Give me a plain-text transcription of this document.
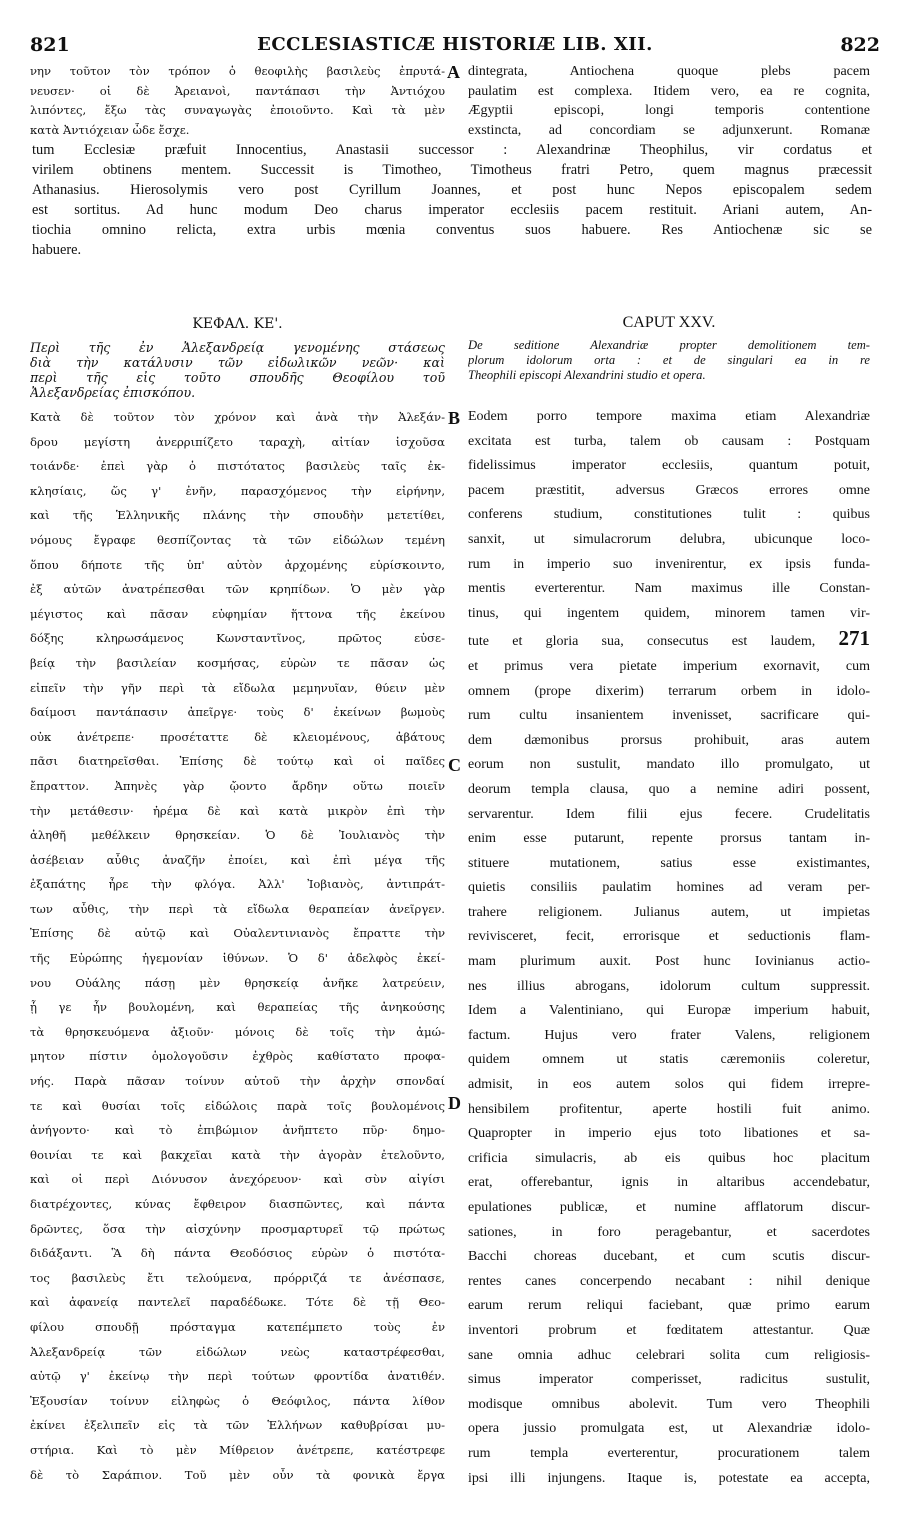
821	ECCLESIASTICÆ HISTORIÆ LIB. XII.	822
νην τοῦτον τὸν τρόπον ὁ θεοφιλὴς βασιλεὺς ἐπρυτά-
νευσεν· οἱ δὲ Ἀρειανοὶ, παντάπασι τὴν Ἀντιόχου
λιπόντες, ἔξω τὰς συναγωγὰς ἐποιοῦντο. Καὶ τὰ μὲν
κατὰ Ἀντιόχειαν ὧδε ἔσχε.
A dintegrata, Antiochena quoque plebs pacem
paulatim est complexa. Itidem vero, ea re cognita,
Ægyptii episcopi, longi temporis contentione
exstincta, ad concordiam se adjunxerunt. Romanæ
tum Ecclesiæ præfuit Innocentius, Anastasii successor : Alexandrinæ Theophilus, vir cordatus et
virilem obtinens mentem. Successit is Timotheo, Timotheus fratri Petro, quem magnus præcessit
Athanasius. Hierosolymis vero post Cyrillum Joannes, et post hunc Nepos episcopalem sedem
est sortitus. Ad hunc modum Deo charus imperator ecclesiis pacem restituit. Ariani autem, An-
tiochia omnino relicta, extra urbis mœnia conventus suos habuere. Res Antiochenæ sic se
habuere.
ΚΕΦΑΛ. ΚΕ'.	CAPUT XXV.
Περὶ τῆς ἐν Ἀλεξανδρείᾳ γενομένης στάσεως
διὰ τὴν κατάλυσιν τῶν εἰδωλικῶν νεῶν· καὶ
περὶ τῆς εἰς τοῦτο σπουδῆς Θεοφίλου τοῦ
Ἀλεξανδρείας ἐπισκόπου.
De seditione Alexandriæ propter demolitionem tem-
plorum idolorum orta : et de singulari ea in re
Theophili episcopi Alexandrini studio et opera.
Κατὰ δὲ τοῦτον τὸν χρόνον καὶ ἀνὰ τὴν Ἀλεξάν-
δρου μεγίστη ἀνερριπίζετο ταραχὴ, αἰτίαν ἰσχοῦσα
τοιάνδε· ἐπεὶ γὰρ ὁ πιστότατος βασιλεὺς ταῖς ἐκ-
κλησίαις, ὥς γ' ἐνῆν, παρασχόμενος τὴν εἰρήνην,
καὶ τῆς Ἑλληνικῆς πλάνης τὴν σπουδὴν μετετίθει,
νόμους ἔγραφε θεσπίζοντας τὰ τῶν εἰδώλων τεμένη
ὅπου δήποτε τῆς ὑπ' αὐτὸν ἀρχομένης εὑρίσκοιντο,
ἐξ αὐτῶν ἀνατρέπεσθαι τῶν κρηπίδων. Ὁ μὲν γὰρ
μέγιστος καὶ πᾶσαν εὐφημίαν ἥττονα τῆς ἐκείνου
δόξης κληρωσάμενος Κωνσταντῖνος, πρῶτος εὐσε-
βείᾳ τὴν βασιλείαν κοσμήσας, εὑρὼν τε πᾶσαν ὡς
εἰπεῖν τὴν γῆν περὶ τὰ εἴδωλα μεμηνυῖαν, θύειν μὲν
δαίμοσι παντάπασιν ἀπεῖργε· τοὺς δ' ἐκείνων βωμοὺς
οὐκ ἀνέτρεπε· προσέταττε δὲ κλειομένους, ἀβάτους
πᾶσι διατηρεῖσθαι. Ἐπίσης δὲ τούτῳ καὶ οἱ παῖδες
ἔπραττον. Ἀπηνὲς γὰρ ᾤοντο ἄρδην οὕτω ποιεῖν
τὴν μετάθεσιν· ἠρέμα δὲ καὶ κατὰ μικρὸν ἐπὶ τὴν
ἀληθῆ μεθέλκειν θρησκείαν. Ὁ δὲ Ἰουλιανὸς τὴν
ἀσέβειαν αὖθις ἀναζῆν ἐποίει, καὶ ἐπὶ μέγα τῆς
ἐξαπάτης ἦρε τὴν φλόγα. Ἀλλ' Ἰοβιανὸς, ἀντιπράτ-
των αὖθις, τὴν περὶ τὰ εἴδωλα θεραπείαν ἀνεῖργεν.
Ἐπίσης δὲ αὐτῷ καὶ Οὐαλεντινιανὸς ἔπραττε τὴν
τῆς Εὐρώπης ἡγεμονίαν ἰθύνων. Ὁ δ' ἀδελφὸς ἐκεί-
νου Οὐάλης πάσῃ μὲν θρησκείᾳ ἀνῆκε λατρεύειν,
ᾗ γε ἦν βουλομένη, καὶ θεραπείας τῆς ἀνηκούσης
τὰ θρησκευόμενα ἀξιοῦν· μόνοις δὲ τοῖς τὴν ἀμώ-
μητον πίστιν ὁμολογοῦσιν ἐχθρὸς καθίστατο προφα-
νής. Παρὰ πᾶσαν τοίνυν αὐτοῦ τὴν ἀρχὴν σπονδαί
τε καὶ θυσίαι τοῖς εἰδώλοις παρὰ τοῖς βουλομένοις
ἀνήγοντο· καὶ τὸ ἐπιβώμιον ἀνῆπτετο πῦρ· δημο-
θοινίαι τε καὶ βακχεῖαι κατὰ τὴν ἀγορὰν ἐτελοῦντο,
καὶ οἱ περὶ Διόνυσον ἀνεχόρευον· καὶ σὺν αἰγίσι
διατρέχοντες, κύνας ἔφθειρον διασπῶντες, καὶ πάντα
δρῶντες, ὅσα τὴν αἰσχύνην προσμαρτυρεῖ τῷ πρώτως
διδάξαντι. Ἃ δὴ πάντα Θεοδόσιος εὑρὼν ὁ πιστότα-
τος βασιλεὺς ἔτι τελούμενα, πρόρριζά τε ἀνέσπασε,
καὶ ἀφανείᾳ παντελεῖ παραδέδωκε. Τότε δὲ τῇ Θεο-
φίλου σπουδῇ πρόσταγμα κατεπέμπετο τοὺς ἐν
Ἀλεξανδρείᾳ τῶν εἰδώλων νεὼς καταστρέφεσθαι,
αὐτῷ γ' ἐκείνῳ τὴν περὶ τούτων φροντίδα ἀνατιθέν.
Ἐξουσίαν τοίνυν εἰληφὼς ὁ Θεόφιλος, πάντα λίθον
ἐκίνει ἐξελιπεῖν εἰς τὰ τῶν Ἑλλήνων καθυβρίσαι μυ-
στήρια. Καὶ τὸ μὲν Μίθρειον ἀνέτρεπε, κατέστρεφε
δὲ τὸ Σαράπιον. Τοῦ μὲν οὖν τὰ φονικὰ ἔργα
B
C
D
Eodem porro tempore maxima etiam Alexandriæ
excitata est turba, talem ob causam : Postquam
fidelissimus imperator ecclesiis, quantum potuit,
pacem præstitit, adversus Græcos errores omne
conferens studium, constitutiones tulit : quibus
sanxit, ut simulacrorum delubra, ubicunque loco-
rum in imperio suo invenirentur, ex ipsis funda-
mentis everterentur. Nam maximus ille Constan-
tinus, qui ingentem quidem, minorem tamen vir-
tute et gloria sua, consecutus est laudem, 271
et primus vera pietate imperium exornavit, cum
omnem (prope dixerim) terrarum orbem in idolo-
rum cultu insanientem invenisset, sacrificare qui-
dem dæmonibus prorsus prohibuit, aras autem
eorum non sustulit, mandato illo promulgato, ut
deorum templa clausa, quo a nemine adiri possent,
servarentur. Idem filii ejus fecere. Crudelitatis
enim esse putarunt, repente prorsus tantam in-
stituere mutationem, satius esse existimantes,
quietis consiliis paulatim homines ad veram per-
trahere religionem. Julianus autem, ut impietas
revivisceret, fecit, errorisque et seductionis flam-
mam plurimum auxit. Post hunc Iovinianus actio-
nes illius abrogans, idolorum cultum suppressit.
Idem a Valentiniano, qui Europæ imperium habuit,
factum. Hujus vero frater Valens, religionem
quidem omnem ut statis cæremoniis coleretur,
admisit, in eos autem solos qui fidem irrepre-
hensibilem profitentur, aperte hostili fuit animo.
Quapropter in imperio ejus toto libationes et sa-
crificia simulacris, ab eis quibus hoc placitum
erat, offerebantur, ignis in altaribus accendebatur,
epulationes publicæ, et numine afflatorum discur-
sationes, in foro peragebantur, et sacerdotes
Bacchi choreas ducebant, et cum scutis discur-
rentes canes concerpendo necabant : nihil denique
earum rerum reliqui faciebant, quæ primo earum
inventori probrum et fœditatem attestantur. Quæ
sane omnia adhuc celebrari solita cum religiosis-
simus imperator comperisset, radicitus sustulit,
modisque omnibus abolevit. Tum vero Theophili
opera jussio promulgata est, ut Alexandriæ idolo-
rum templa everterentur, procurationem talem
ipsi illi injungens. Itaque is, potestate ea accepta,
